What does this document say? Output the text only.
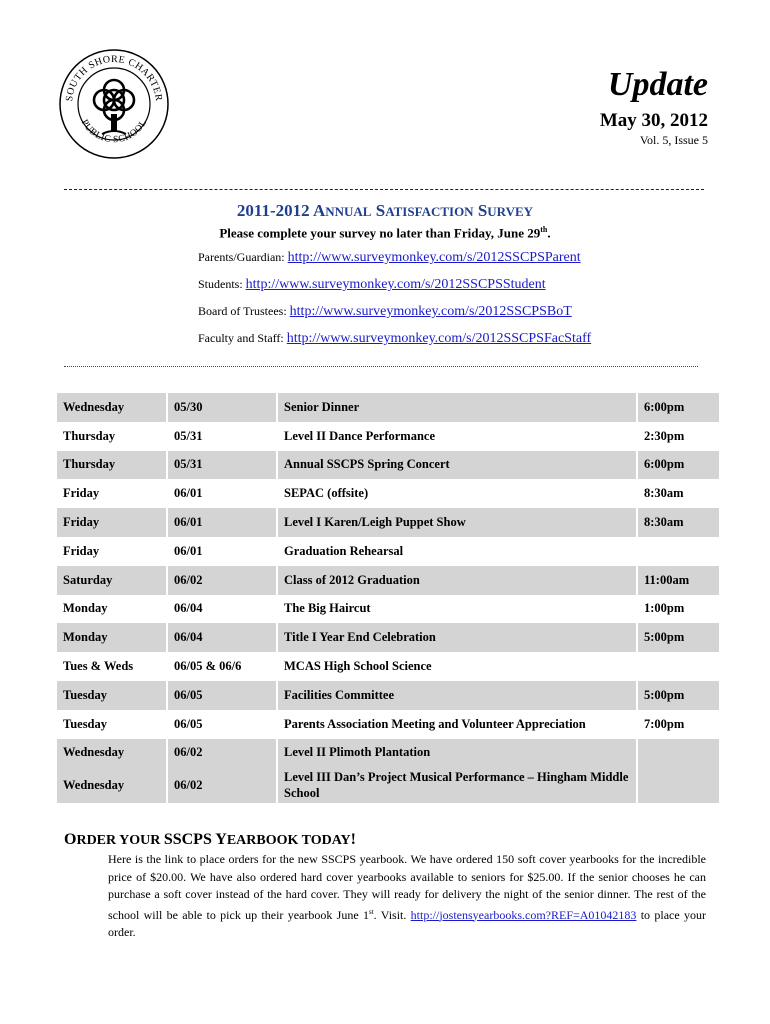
SOUTH SHORE CHARTER
PUBLIC SCHOOL
Update
May 30, 2012
Vol. 5, Issue 5
2011-2012 ANNUAL SATISFACTION SURVEY
Please complete your survey no later than Friday, June 29th.
Parents/Guardian: http://www.surveymonkey.com/s/2012SSCPSParent
Students: http://www.surveymonkey.com/s/2012SSCPSStudent
Board of Trustees: http://www.surveymonkey.com/s/2012SSCPSBoT
Faculty and Staff: http://www.surveymonkey.com/s/2012SSCPSFacStaff
Wednesday	05/30	Senior Dinner	6:00pm
Thursday	05/31	Level II Dance Performance	2:30pm
Thursday	05/31	Annual SSCPS Spring Concert	6:00pm
Friday	06/01	SEPAC (offsite)	8:30am
Friday	06/01	Level I Karen/Leigh Puppet Show	8:30am
Friday	06/01	Graduation Rehearsal	
Saturday	06/02	Class of 2012 Graduation	11:00am
Monday	06/04	The Big Haircut	1:00pm
Monday	06/04	Title I Year End Celebration	5:00pm
Tues & Weds	06/05 & 06/6	MCAS High School Science	
Tuesday	06/05	Facilities Committee	5:00pm
Tuesday	06/05	Parents Association Meeting and Volunteer Appreciation	7:00pm
Wednesday	06/02	Level II Plimoth Plantation	
Wednesday	06/02	Level III Dan’s Project Musical Performance – Hingham Middle School	
ORDER YOUR SSCPS YEARBOOK TODAY!
Here is the link to place orders for the new SSCPS yearbook. We have ordered 150 soft cover yearbooks for the incredible price of $20.00. We have also ordered hard cover yearbooks available to seniors for $25.00. If the senior chooses he can purchase a soft cover instead of the hard cover. They will ready for delivery the night of the senior dinner. The rest of the school will be able to pick up their yearbook June 1st. Visit. http://jostensyearbooks.com?REF=A01042183 to place your order.
